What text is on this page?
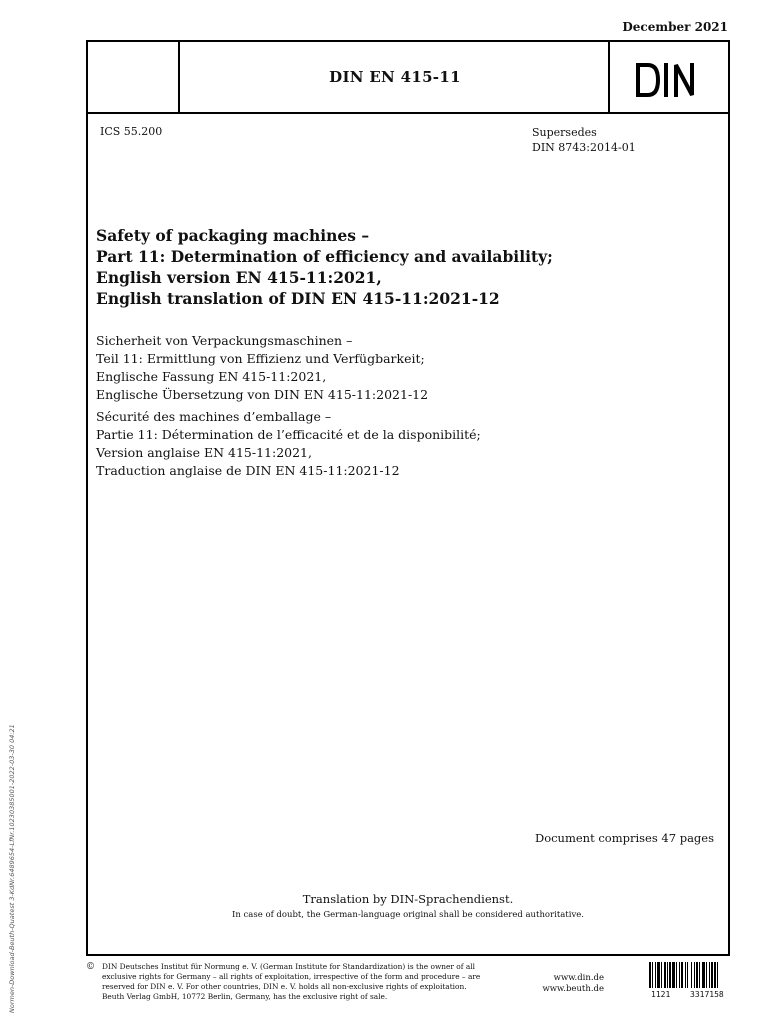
December 2021
DIN EN 415-11
DIN
ICS 55.200	Supersedes
DIN 8743:2014-01
Safety of packaging machines –
Part 11: Determination of efficiency and availability;
English version EN 415-11:2021,
English translation of DIN EN 415-11:2021-12
Sicherheit von Verpackungsmaschinen –
Teil 11: Ermittlung von Effizienz und Verfügbarkeit;
Englische Fassung EN 415-11:2021,
Englische Übersetzung von DIN EN 415-11:2021-12
Sécurité des machines d’emballage –
Partie 11: Détermination de l’efficacité et de la disponibilité;
Version anglaise EN 415-11:2021,
Traduction anglaise de DIN EN 415-11:2021-12
Document comprises 47 pages
Translation by DIN-Sprachendienst.
In case of doubt, the German-language original shall be considered authoritative.
© DIN Deutsches Institut für Normung e. V. (German Institute for Standardization) is the owner of all
exclusive rights for Germany – all rights of exploitation, irrespective of the form and procedure – are
reserved for DIN e. V. For other countries, DIN e. V. holds all non-exclusive rights of exploitation.
Beuth Verlag GmbH, 10772 Berlin, Germany, has the exclusive right of sale.
www.din.de
www.beuth.de
1121 3317158
Normen-Download-Beuth-Quatest 3-KdNr.6489654-LfNr.10230385001-2022-03-30 04:21
